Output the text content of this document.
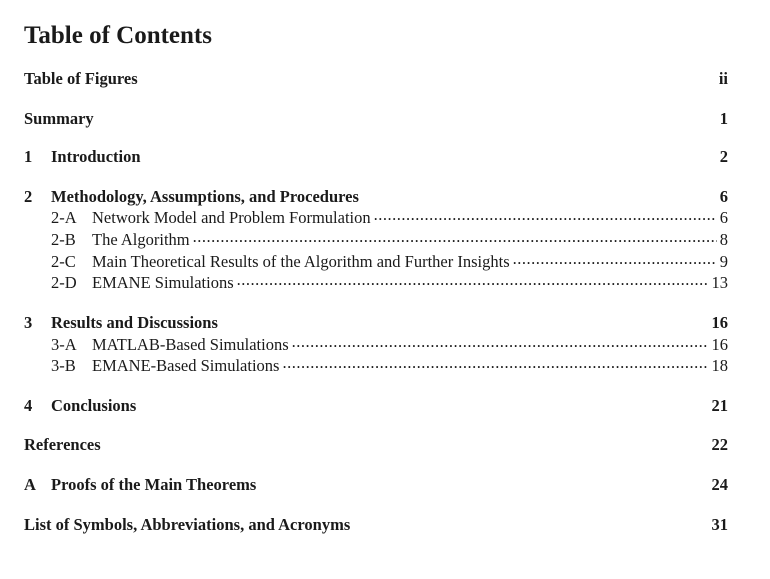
Table of Contents
Table of Figures	ii
Summary	1
1	Introduction	2
2	Methodology, Assumptions, and Procedures	6
2-A Network Model and Problem Formulation .....	6
2-B The Algorithm .....	8
2-C Main Theoretical Results of the Algorithm and Further Insights .....	9
2-D EMANE Simulations .....	13
3	Results and Discussions	16
3-A MATLAB-Based Simulations .....	16
3-B EMANE-Based Simulations .....	18
4	Conclusions	21
References	22
A Proofs of the Main Theorems	24
List of Symbols, Abbreviations, and Acronyms	31
